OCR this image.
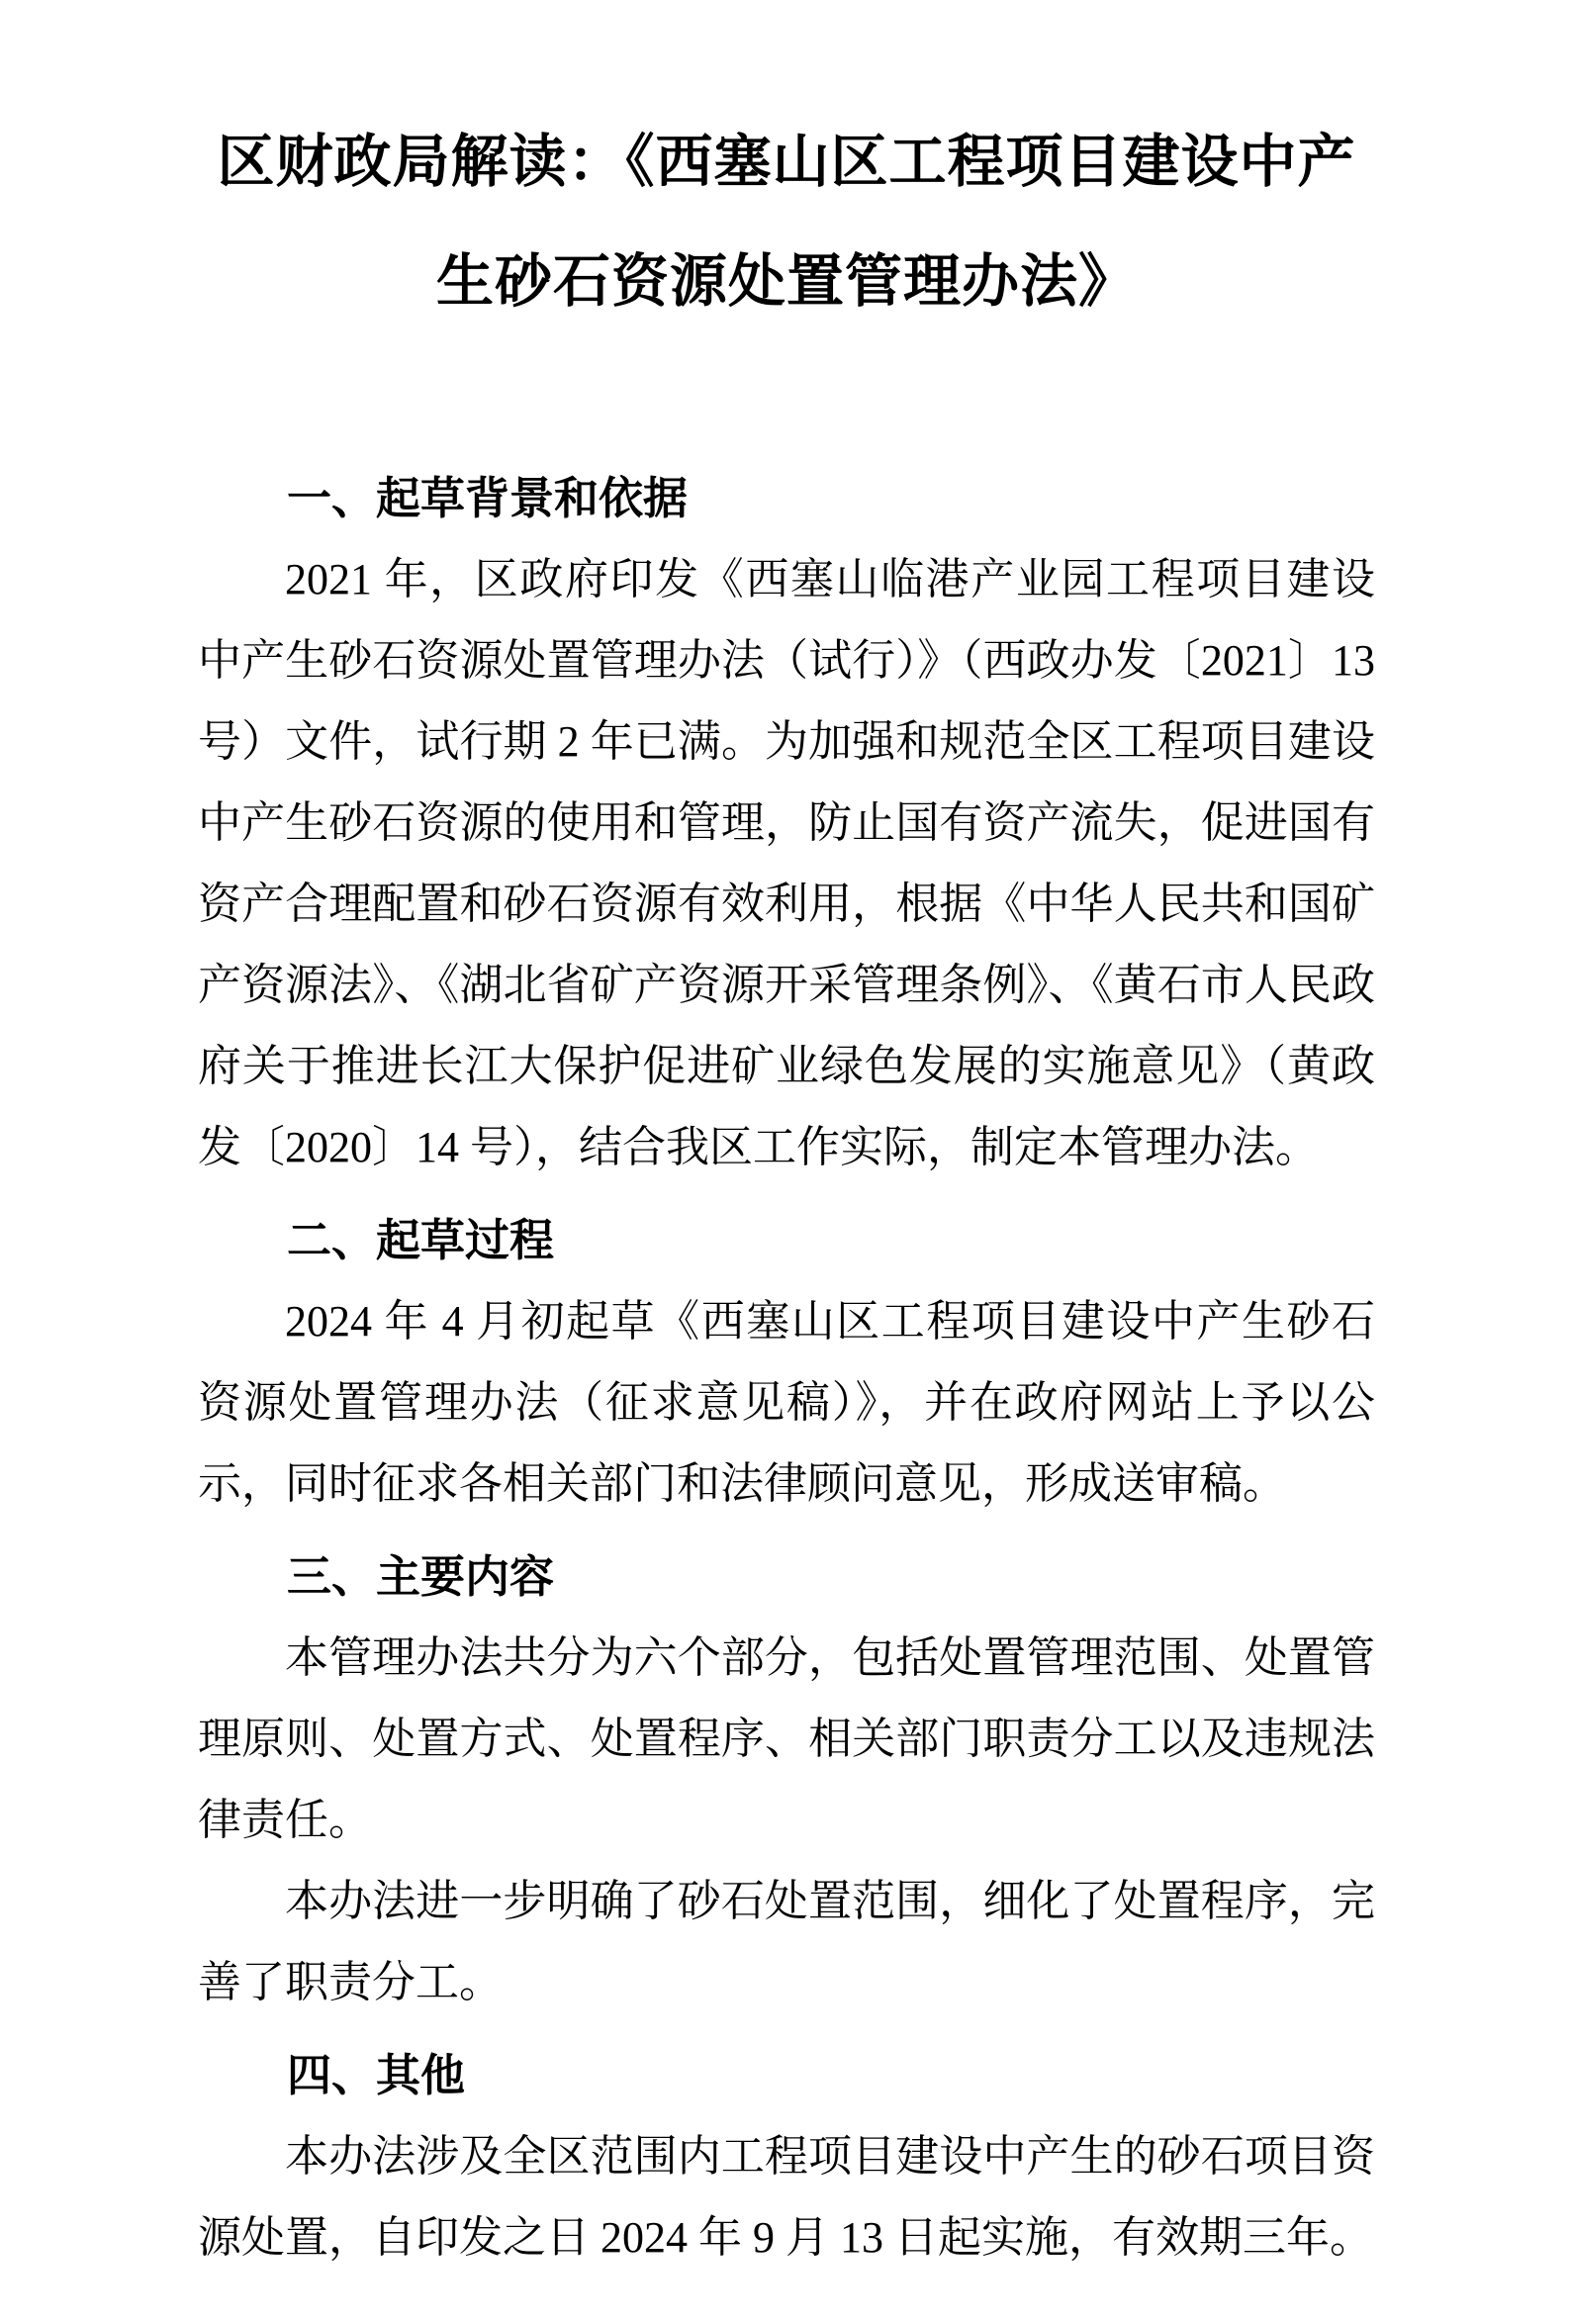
区财政局解读：《西塞山区工程项目建设中产生砂石资源处置管理办法》
一、起草背景和依据

2021 年，区政府印发《西塞山临港产业园工程项目建设中产生砂石资源处置管理办法（试行）》（西政办发〔2021〕13 号）文件，试行期 2 年已满。为加强和规范全区工程项目建设中产生砂石资源的使用和管理，防止国有资产流失，促进国有资产合理配置和砂石资源有效利用，根据《中华人民共和国矿产资源法》、《湖北省矿产资源开采管理条例》、《黄石市人民政府关于推进长江大保护促进矿业绿色发展的实施意见》（黄政发〔2020〕14 号），结合我区工作实际，制定本管理办法。

二、起草过程

2024 年 4 月初起草《西塞山区工程项目建设中产生砂石资源处置管理办法（征求意见稿）》，并在政府网站上予以公示，同时征求各相关部门和法律顾问意见，形成送审稿。

三、主要内容

本管理办法共分为六个部分，包括处置管理范围、处置管理原则、处置方式、处置程序、相关部门职责分工以及违规法律责任。

本办法进一步明确了砂石处置范围，细化了处置程序，完善了职责分工。

四、其他

本办法涉及全区范围内工程项目建设中产生的砂石项目资源处置，自印发之日 2024 年 9 月 13 日起实施，有效期三年。
